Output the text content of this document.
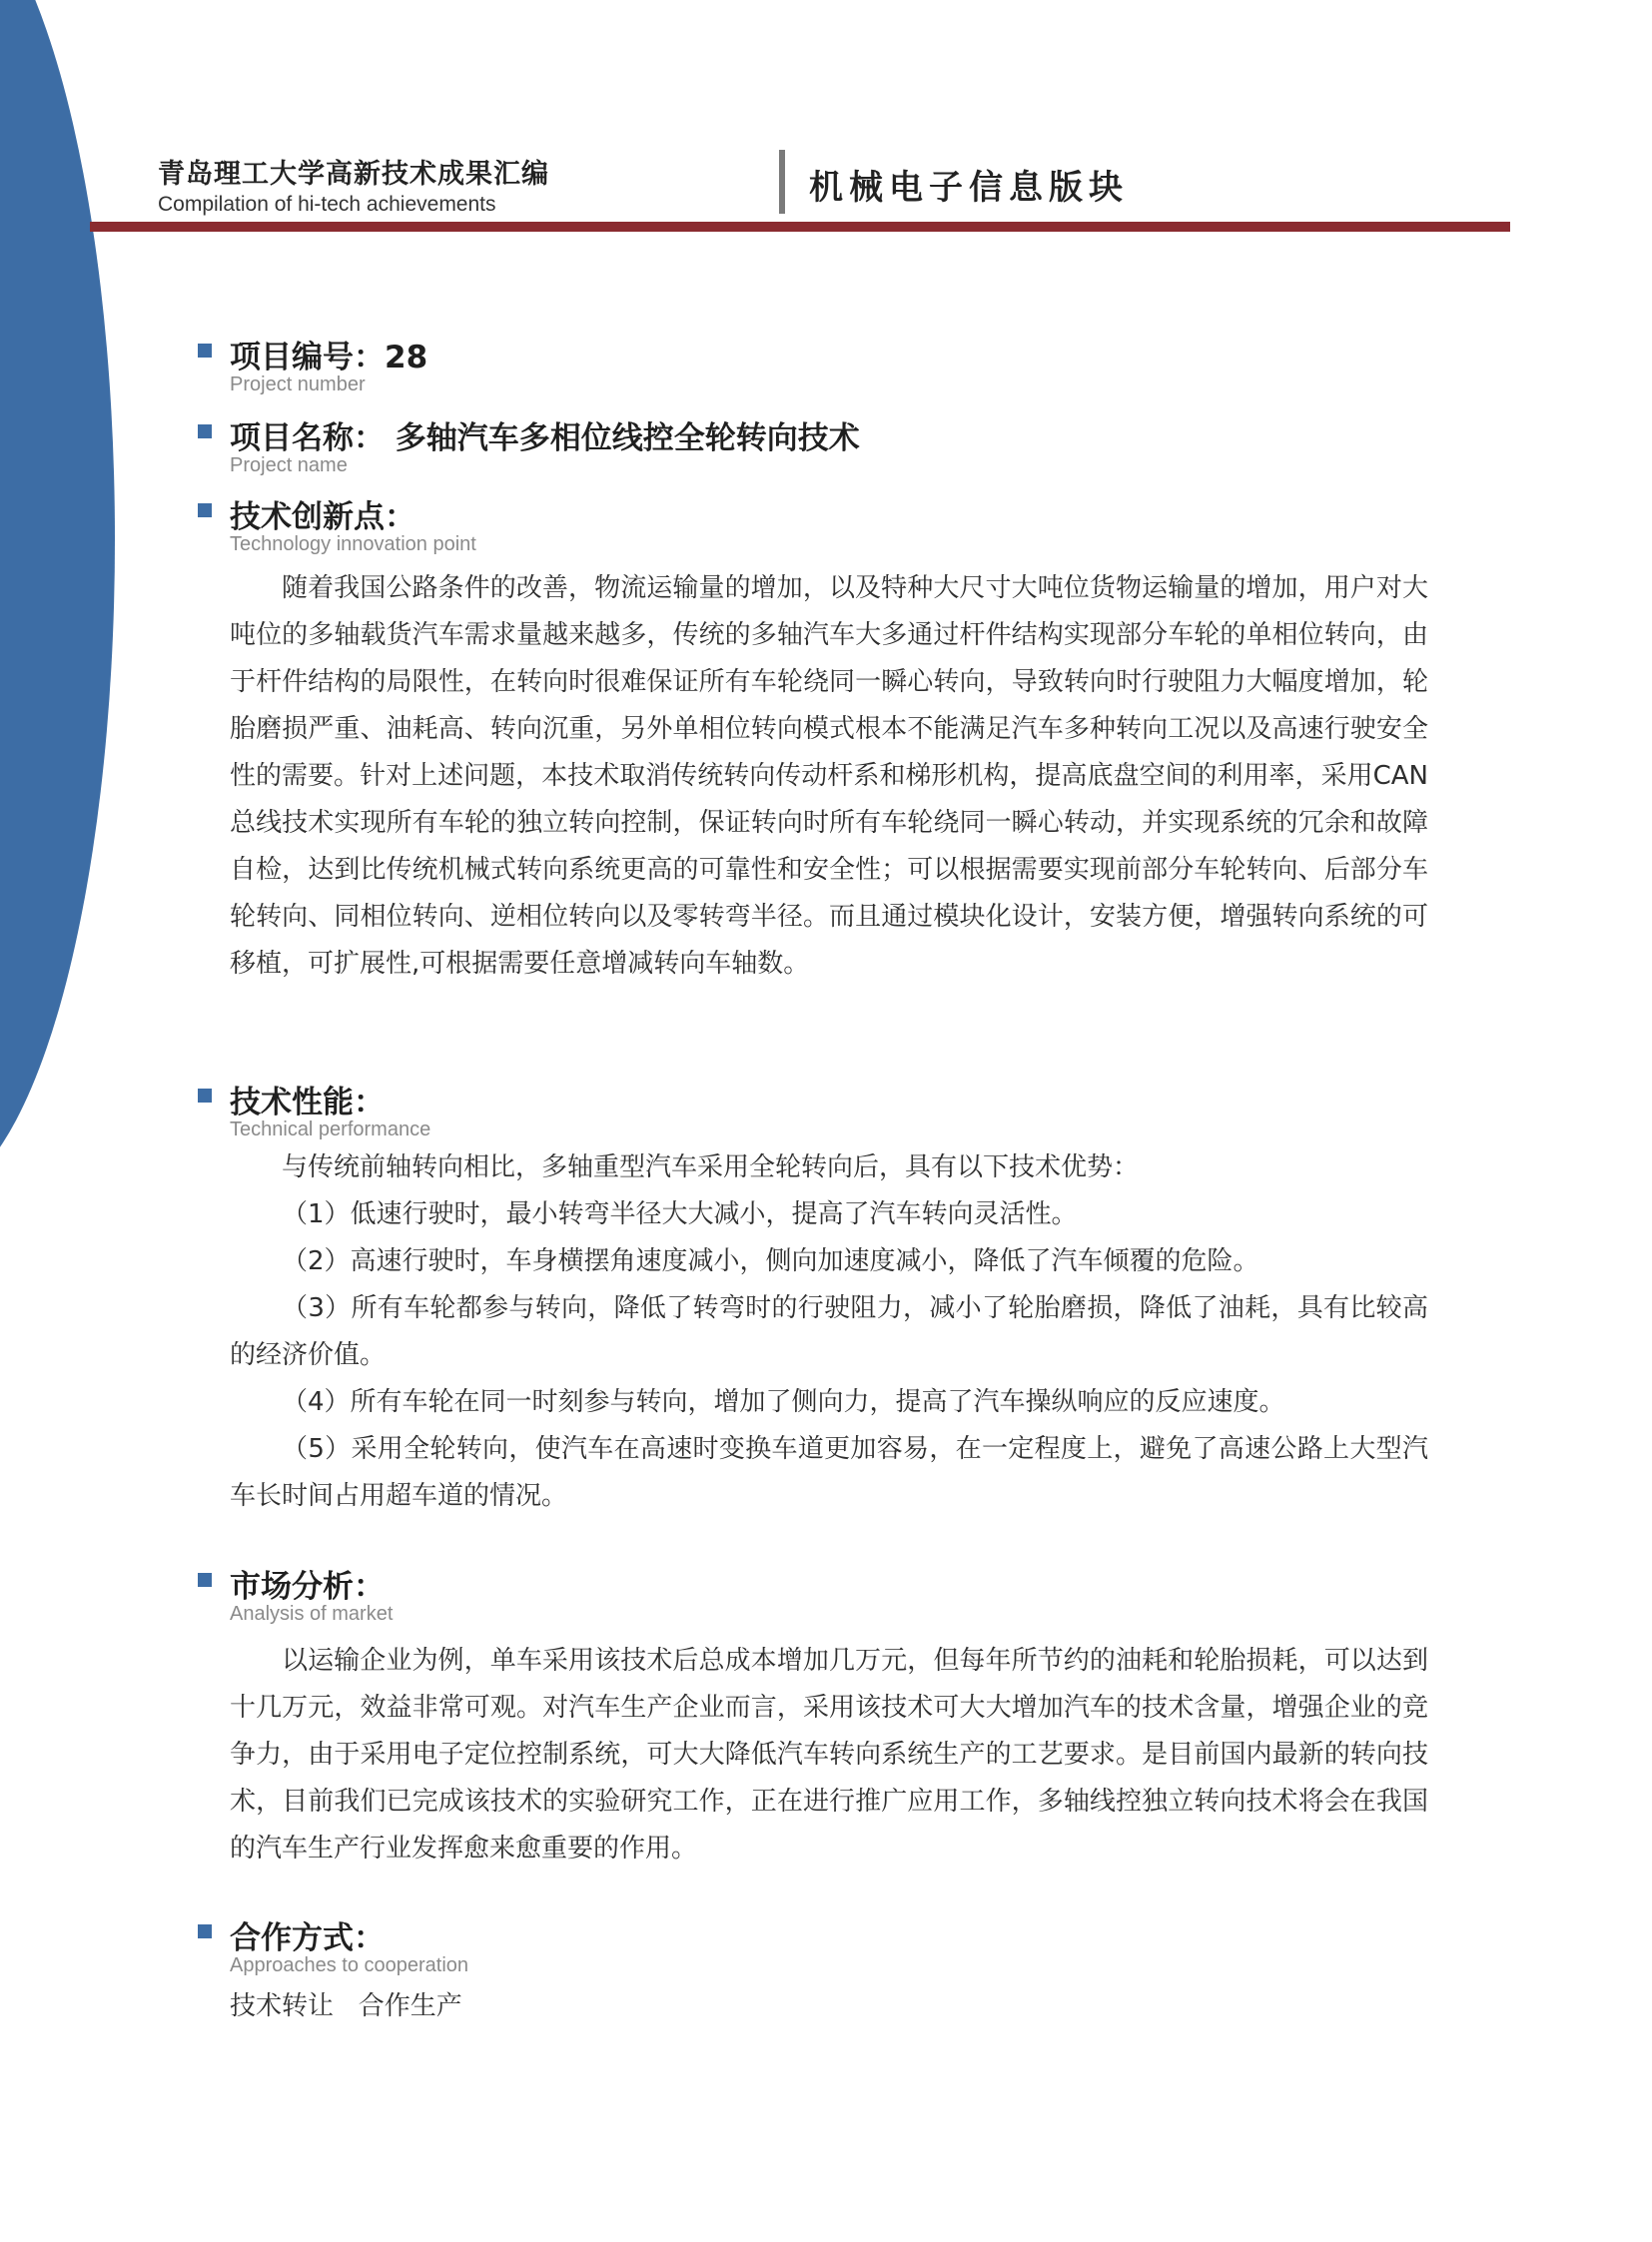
青岛理工大学高新技术成果汇编
Compilation of hi-tech achievements	机械电子信息版块
项目编号：28
Project number
项目名称： 多轴汽车多相位线控全轮转向技术
Project name
技术创新点：
Technology innovation point

随着我国公路条件的改善，物流运输量的增加，以及特种大尺寸大吨位货物运输量的增加，用户对大吨位的多轴载货汽车需求量越来越多，传统的多轴汽车大多通过杆件结构实现部分车轮的单相位转向，由于杆件结构的局限性，在转向时很难保证所有车轮绕同一瞬心转向，导致转向时行驶阻力大幅度增加，轮胎磨损严重、油耗高、转向沉重，另外单相位转向模式根本不能满足汽车多种转向工况以及高速行驶安全性的需要。针对上述问题，本技术取消传统转向传动杆系和梯形机构，提高底盘空间的利用率，采用CAN总线技术实现所有车轮的独立转向控制，保证转向时所有车轮绕同一瞬心转动，并实现系统的冗余和故障自检，达到比传统机械式转向系统更高的可靠性和安全性；可以根据需要实现前部分车轮转向、后部分车轮转向、同相位转向、逆相位转向以及零转弯半径。而且通过模块化设计，安装方便，增强转向系统的可移植，可扩展性,可根据需要任意增减转向车轴数。

技术性能：
Technical performance

与传统前轴转向相比，多轴重型汽车采用全轮转向后，具有以下技术优势：

（1）低速行驶时，最小转弯半径大大减小，提高了汽车转向灵活性。

（2）高速行驶时，车身横摆角速度减小，侧向加速度减小，降低了汽车倾覆的危险。

（3）所有车轮都参与转向，降低了转弯时的行驶阻力，减小了轮胎磨损，降低了油耗，具有比较高的经济价值。

（4）所有车轮在同一时刻参与转向，增加了侧向力，提高了汽车操纵响应的反应速度。

（5）采用全轮转向，使汽车在高速时变换车道更加容易，在一定程度上，避免了高速公路上大型汽车长时间占用超车道的情况。

市场分析：
Analysis of market

以运输企业为例，单车采用该技术后总成本增加几万元，但每年所节约的油耗和轮胎损耗，可以达到十几万元，效益非常可观。对汽车生产企业而言，采用该技术可大大增加汽车的技术含量，增强企业的竞争力，由于采用电子定位控制系统，可大大降低汽车转向系统生产的工艺要求。是目前国内最新的转向技术，目前我们已完成该技术的实验研究工作，正在进行推广应用工作，多轴线控独立转向技术将会在我国的汽车生产行业发挥愈来愈重要的作用。

合作方式：
Approaches to cooperation
技术转让   合作生产
